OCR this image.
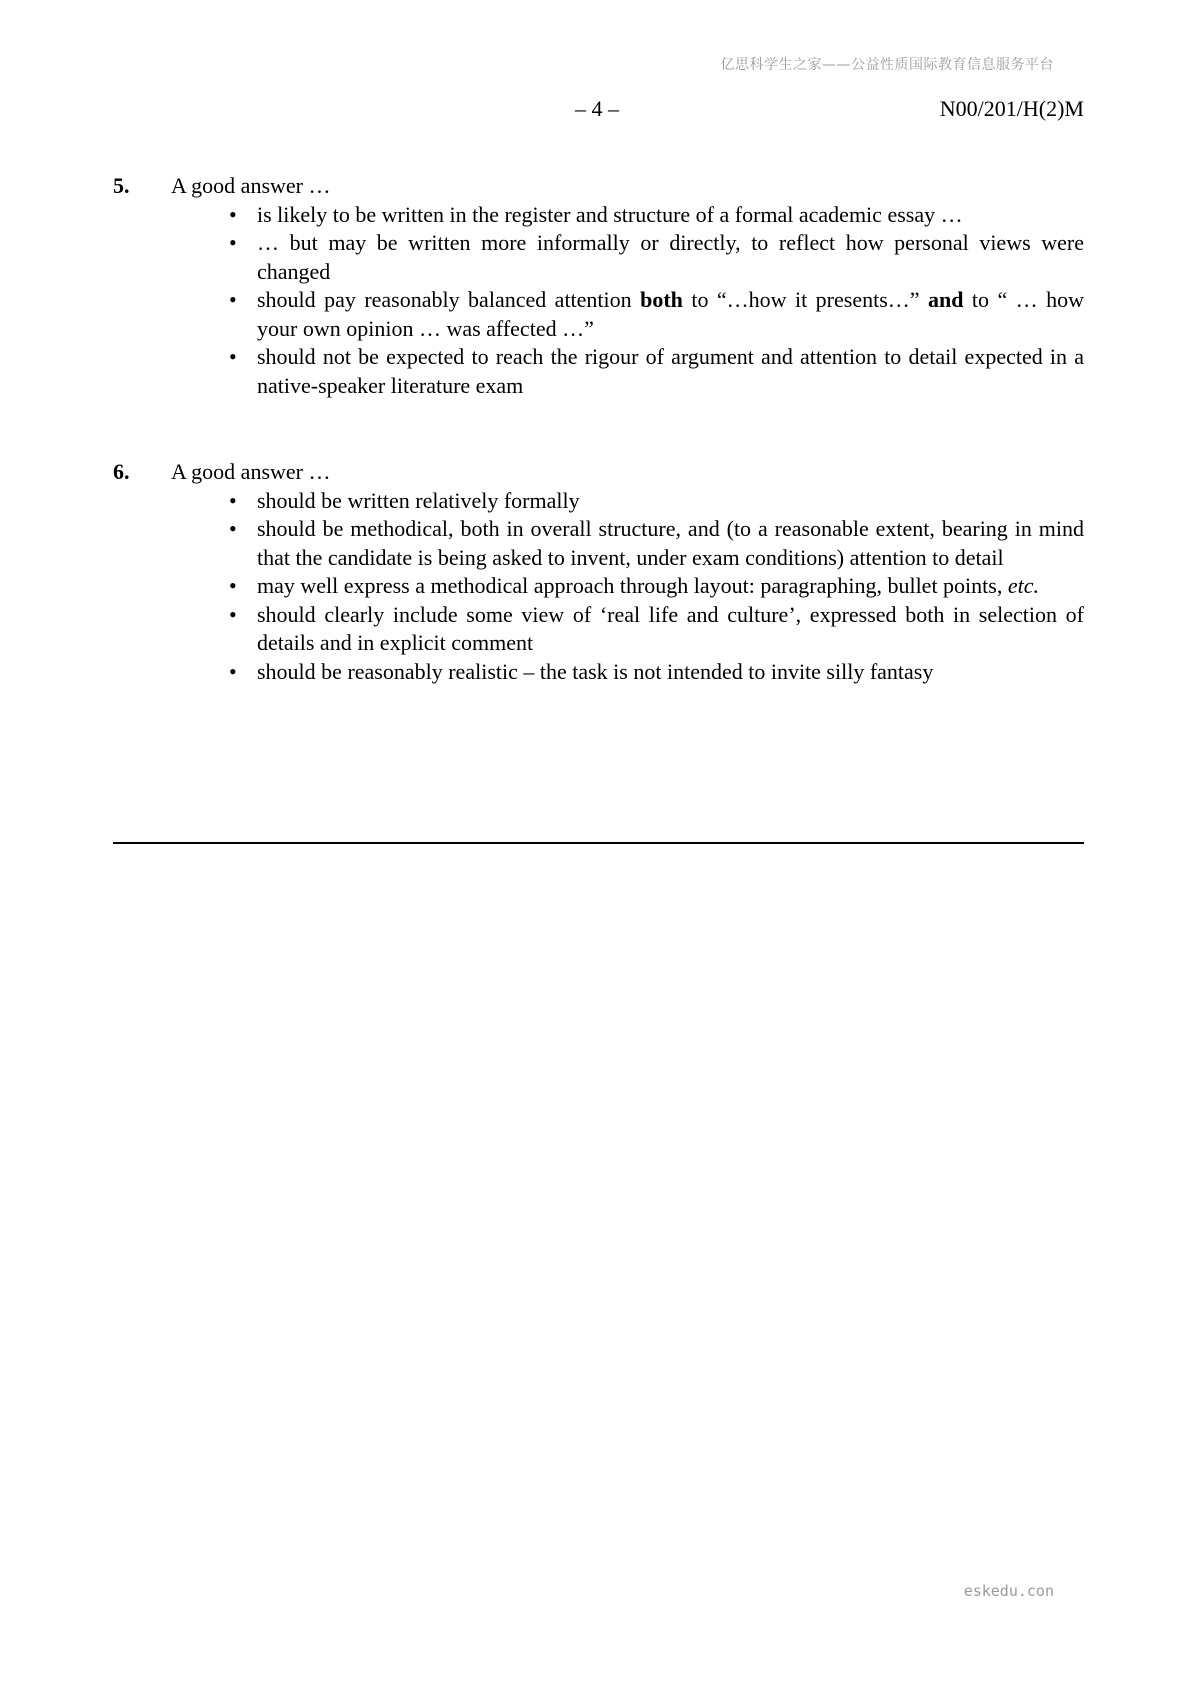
亿思科学生之家——公益性质国际教育信息服务平台
– 4 –	N00/201/H(2)M
5.	A good answer …
• is likely to be written in the register and structure of a formal academic essay …
• … but may be written more informally or directly, to reflect how personal views were changed
• should pay reasonably balanced attention both to “…how it presents…” and to “ … how your own opinion … was affected …”
• should not be expected to reach the rigour of argument and attention to detail expected in a native-speaker literature exam
6.	A good answer …
• should be written relatively formally
• should be methodical, both in overall structure, and (to a reasonable extent, bearing in mind that the candidate is being asked to invent, under exam conditions) attention to detail
• may well express a methodical approach through layout: paragraphing, bullet points, etc.
• should clearly include some view of ‘real life and culture’, expressed both in selection of details and in explicit comment
• should be reasonably realistic – the task is not intended to invite silly fantasy
eskedu.con
